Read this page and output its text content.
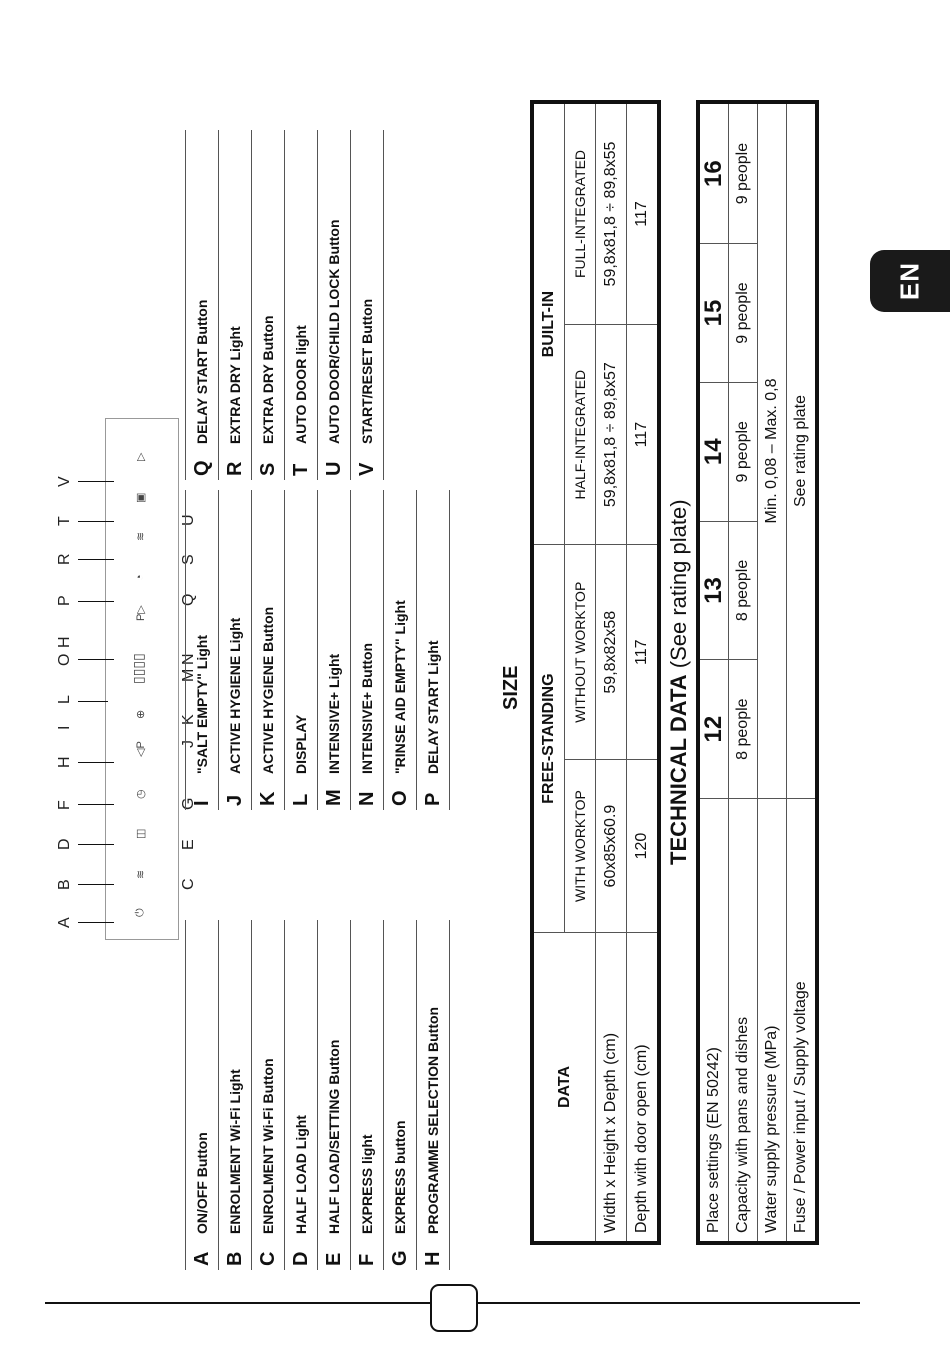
EN
⏻
≋
◫
◷
◁P
⊕
▯▯▯▯
P▷
◔
≋
▣
▷
A
B
D
F
H
I
L
O
H
P
R
T
V
C
E
G
J
K
M
N
Q
S
U
A
ON/OFF Button
B
ENROLMENT Wi-Fi Light
C
ENROLMENT Wi-Fi Button
D
HALF LOAD Light
E
HALF LOAD/SETTING Button
F
EXPRESS light
G
EXPRESS button
H
PROGRAMME SELECTION Button
I
"SALT EMPTY" Light
J
ACTIVE HYGIENE Light
K
ACTIVE HYGIENE Button
L
DISPLAY
M
INTENSIVE+ Light
N
INTENSIVE+ Button
O
"RINSE AID EMPTY" Light
P
DELAY START Light
Q
DELAY START Button
R
EXTRA DRY Light
S
EXTRA DRY Button
T
AUTO DOOR light
U
AUTO DOOR/CHILD LOCK Button
V
START/RESET Button
SIZE
DATA	FREE-STANDING		BUILT-IN	
	WITH WORKTOP	WITHOUT WORKTOP	HALF-INTEGRATED	FULL-INTEGRATED
Width x Height x Depth (cm)	60x85x60.9	59,8x82x58	59,8x81,8 ÷ 89,8x57	59,8x81,8 ÷ 89,8x55
Depth with door open (cm)	120	117	117	117
TECHNICAL DATA (See rating plate)
Place settings (EN 50242)	12	13	14	15	16
Capacity with pans and dishes	8 people	8 people	9 people	9 people	9 people
Water supply pressure (MPa)	Min. 0,08 – Max. 0,8				
Fuse / Power input / Supply voltage	See rating plate				
